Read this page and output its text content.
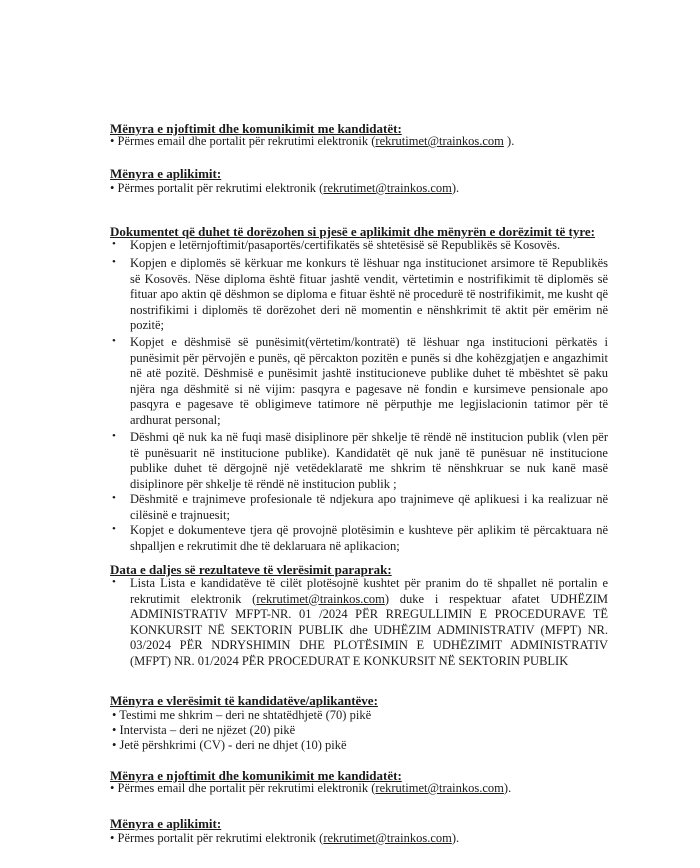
Mënyra e njoftimit dhe komunikimit me kandidatët:
• Përmes email dhe portalit për rekrutimi elektronik (rekrutimet@trainkos.com ).
Mënyra e aplikimit:
• Përmes portalit për rekrutimi elektronik (rekrutimet@trainkos.com).
Dokumentet që duhet të dorëzohen si pjesë e aplikimit dhe mënyrën e dorëzimit të tyre:
• Kopjen e letërnjoftimit/pasaportës/certifikatës së shtetësisë së Republikës së Kosovës.
• Kopjen e diplomës së kërkuar me konkurs të lëshuar nga institucionet arsimore të Republikës së Kosovës. Nëse diploma është fituar jashtë vendit, vërtetimin e nostrifikimit të diplomës së fituar apo aktin që dëshmon se diploma e fituar është në procedurë të nostrifikimit, me kusht që nostrifikimi i diplomës të dorëzohet deri në momentin e nënshkrimit të aktit për emërim në pozitë;
• Kopjet e dëshmisë së punësimit(vërtetim/kontratë) të lëshuar nga institucioni përkatës i punësimit për përvojën e punës, që përcakton pozitën e punës si dhe kohëzgjatjen e angazhimit në atë pozitë. Dëshmisë e punësimit jashtë institucioneve publike duhet të mbështet së paku njëra nga dëshmitë si në vijim: pasqyra e pagesave në fondin e kursimeve pensionale apo pasqyra e pagesave të obligimeve tatimore në përputhje me legjislacionin tatimor për të ardhurat personal;
• Dëshmi që nuk ka në fuqi masë disiplinore për shkelje të rëndë në institucion publik (vlen për të punësuarit në institucione publike). Kandidatët që nuk janë të punësuar në institucione publike duhet të dërgojnë një vetëdeklaratë me shkrim të nënshkruar se nuk kanë masë disiplinore për shkelje të rëndë në institucion publik ;
• Dëshmitë e trajnimeve profesionale të ndjekura apo trajnimeve që aplikuesi i ka realizuar në cilësinë e trajnuesit;
• Kopjet e dokumenteve tjera që provojnë plotësimin e kushteve për aplikim të përcaktuara në shpalljen e rekrutimit dhe të deklaruara në aplikacion;
Data e daljes së rezultateve të vlerësimit paraprak:
• Lista Lista e kandidatëve të cilët plotësojnë kushtet për pranim do të shpallet në portalin e rekrutimit elektronik (rekrutimet@trainkos.com) duke i respektuar afatet UDHËZIM ADMINISTRATIV MFPT-NR. 01 /2024 PËR RREGULLIMIN E PROCEDURAVE TË KONKURSIT NË SEKTORIN PUBLIK dhe UDHËZIM ADMINISTRATIV (MFPT) NR. 03/2024 PËR NDRYSHIMIN DHE PLOTËSIMIN E UDHËZIMIT ADMINISTRATIV (MFPT) NR. 01/2024 PËR PROCEDURAT E KONKURSIT NË SEKTORIN PUBLIK
Mënyra e vlerësimit të kandidatëve/aplikantëve:
• Testimi me shkrim – deri ne shtatëdhjetë (70) pikë
• Intervista – deri ne njëzet (20) pikë
• Jetë përshkrimi (CV) - deri ne dhjet (10) pikë
Mënyra e njoftimit dhe komunikimit me kandidatët:
• Përmes email dhe portalit për rekrutimi elektronik (rekrutimet@trainkos.com).
Mënyra e aplikimit:
• Përmes portalit për rekrutimi elektronik (rekrutimet@trainkos.com).
